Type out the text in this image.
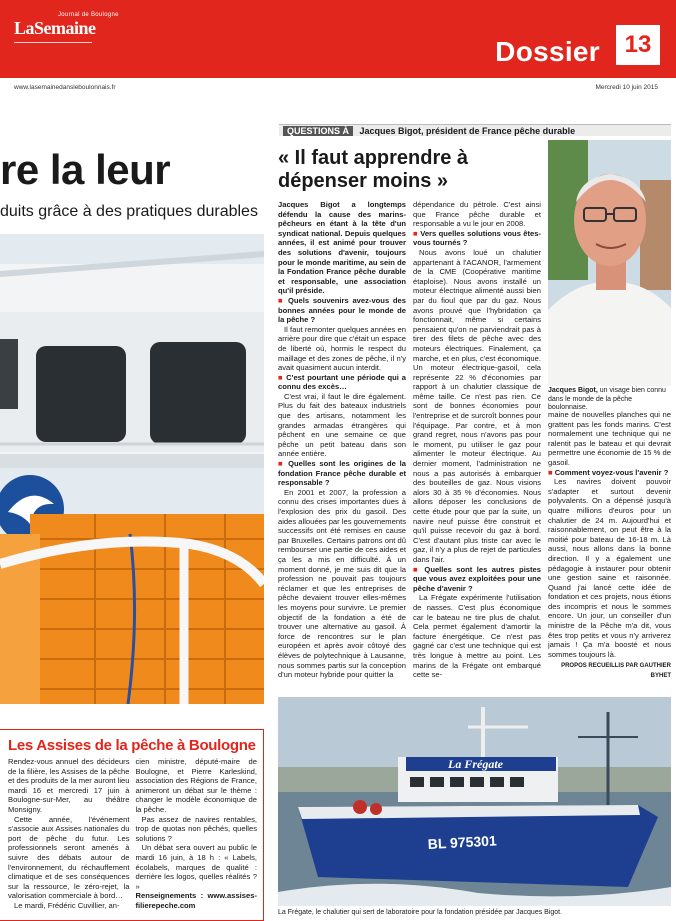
Journal de Boulogne
LaSemaine
Dossier	13
www.lasemainedansleboulonnais.fr	Mercredi 10 juin 2015
re la leur
duits grâce à des pratiques durables
Les Assises de la pêche à Boulogne

Rendez-vous annuel des décideurs de la filière, les Assises de la pêche et des produits de la mer auront lieu mardi 16 et mercredi 17 juin à Boulogne-sur-Mer, au théâtre Monsigny.

Cette année, l'événement s'associe aux Assises nationales du port de pêche du futur. Les professionnels seront amenés à suivre des débats autour de l'environnement, du réchauffement climatique et de ses conséquences sur la ressource, le zéro-rejet, la valorisation commerciale à bord…

Le mardi, Frédéric Cuvillier, an-

cien ministre, député-maire de Boulogne, et Pierre Karleskind, association des Régions de France, animeront un débat sur le thème : changer le modèle économique de la pêche.

Pas assez de navires rentables, trop de quotas non pêchés, quelles solutions ?

Un débat sera ouvert au public le mardi 16 juin, à 18 h : « Labels, écolabels, marques de qualité : derrière les logos, quelles réalités ? »

Renseignements : www.assises-filierepeche.com

QUESTIONS À Jacques Bigot, président de France pêche durable
« Il faut apprendre à dépenser moins »
Jacques Bigot, un visage bien connu dans le monde de la pêche boulonnaise.

Jacques Bigot a longtemps défendu la cause des marins-pêcheurs en étant à la tête d'un syndicat national. Depuis quelques années, il est animé pour trouver des solutions d'avenir, toujours pour le monde maritime, au sein de la Fondation France pêche durable et responsable, une association qu'il préside.

■ Quels souvenirs avez-vous des bonnes années pour le monde de la pêche ?

Il faut remonter quelques années en arrière pour dire que c'était un espace de liberté où, hormis le respect du maillage et des zones de pêche, il n'y avait quasiment aucun interdit.

■ C'est pourtant une période qui a connu des excès…

C'est vrai, il faut le dire également. Plus du fait des bateaux industriels que des artisans, notamment les grandes armadas étrangères qui pêchent en une semaine ce que pêche un petit bateau dans son année entière.

■ Quelles sont les origines de la fondation France pêche durable et responsable ?

En 2001 et 2007, la profession a connu des crises importantes dues à l'explosion des prix du gasoil. Des aides allouées par les gouvernements successifs ont été remises en cause par Bruxelles. Certains patrons ont dû rembourser une partie de ces aides et ça les a mis en difficulté. À un moment donné, je me suis dit que la profession ne pouvait pas toujours réclamer et que les entreprises de pêche devaient trouver elles-mêmes les moyens pour survivre. Le premier objectif de la fondation a été de trouver une alternative au gasoil. À force de rencontres sur le plan européen et après avoir côtoyé des élèves de polytechnique à Lausanne, nous sommes partis sur la conception d'un moteur hybride pour quitter la

dépendance du pétrole. C'est ainsi que France pêche durable et responsable a vu le jour en 2008.

■ Vers quelles solutions vous êtes-vous tournés ?

Nous avons loué un chalutier appartenant à l'ACANOR, l'armement de la CME (Coopérative maritime étaploise). Nous avons installé un moteur électrique alimenté aussi bien par du fioul que par du gaz. Nous avons prouvé que l'hybridation ça fonctionnait, même si certains pensaient qu'on ne parviendrait pas à tirer des filets de pêche avec des moteurs électriques. Finalement, ça marche, et en plus, c'est économique. Un moteur électrique-gasoil, cela représente 22 % d'économies par rapport à un chalutier classique de même taille. Ce n'est pas rien. Ce sont de bonnes économies pour l'entreprise et de surcroît bonnes pour l'équipage. Par contre, et à mon grand regret, nous n'avons pas pour le moment, pu utiliser le gaz pour alimenter le moteur électrique. Au dernier moment, l'administration ne nous a pas autorisés à embarquer des bouteilles de gaz. Nous visions alors 30 à 35 % d'économies. Nous allons déposer les conclusions de cette étude pour que par la suite, un navire neuf puisse être construit et qu'il puisse recevoir du gaz à bord. C'est d'autant plus triste car avec le gaz, il n'y a plus de rejet de particules dans l'air.

■ Quelles sont les autres pistes que vous avez exploitées pour une pêche d'avenir ?

La Frégate expérimente l'utilisation de nasses. C'est plus économique car le bateau ne tire plus de chalut. Cela permet également d'amortir la facture énergétique. Ce n'est pas gagné car c'est une technique qui est très longue à mettre au point. Les marins de la Frégate ont embarqué cette se-

maine de nouvelles planches qui ne grattent pas les fonds marins. C'est normalement une technique qui ne ralentit pas le bateau et qui devrait permettre une économie de 15 % de gasoil.

■ Comment voyez-vous l'avenir ?

Les navires doivent pouvoir s'adapter et surtout devenir polyvalents. On a dépensé jusqu'à quatre millions d'euros pour un chalutier de 24 m. Aujourd'hui et raisonnablement, on peut être à la moitié pour bateau de 16-18 m. Là aussi, nous allons dans la bonne direction. Il y a également une pédagogie à instaurer pour obtenir une gestion saine et raisonnée. Quand j'ai lancé cette idée de fondation et ces projets, nous étions des incompris et nous le sommes encore. Un jour, un conseiller d'un ministre de la Pêche m'a dit, vous êtes trop petits et vous n'y arriverez jamais ! Ça m'a boosté et nous sommes toujours là.

PROPOS RECUEILLIS PAR GAUTHIER BYHET

La Frégate
BL 975301
La Frégate, le chalutier qui sert de laboratoire pour la fondation présidée par Jacques Bigot.
